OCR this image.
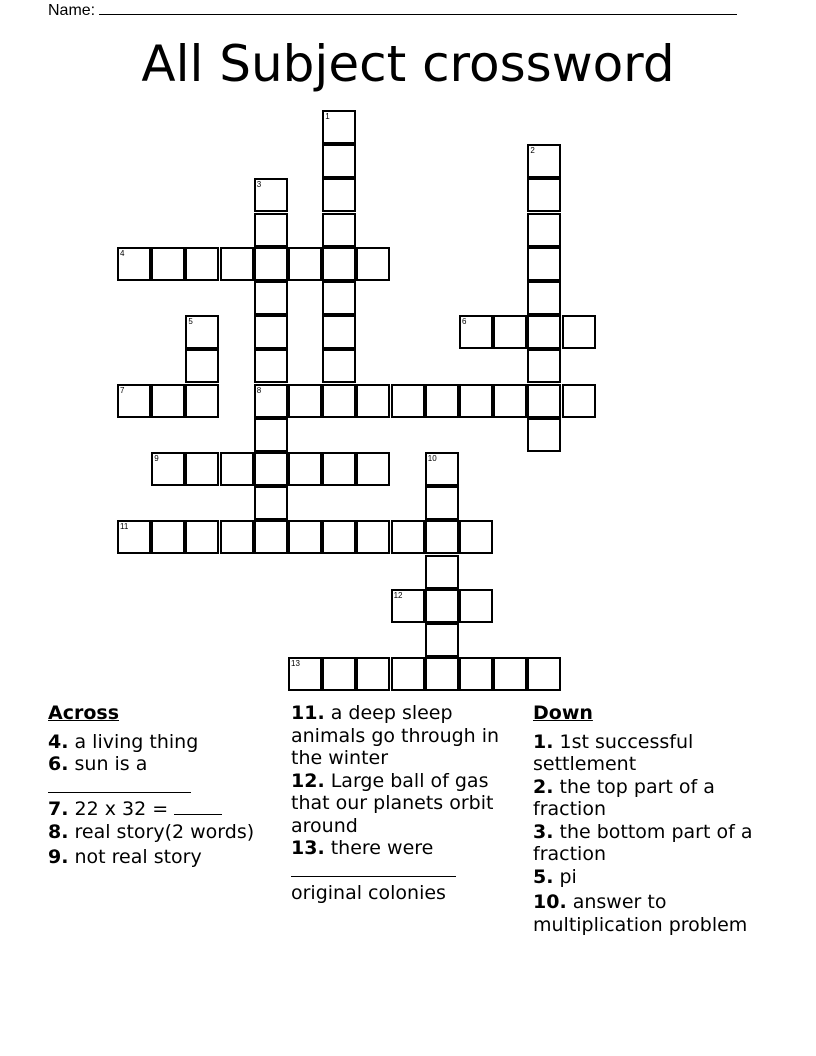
Name:
All Subject crossword
1
2
3
8
4
5	6
7
9	10
11
12
13

Across

4. a living thing

6. sun is a

7. 22 x 32 =

8. real story(2 words)

9. not real story

11. a deep sleep animals go through in the winter

12. Large ball of gas that our planets orbit around

13. there were

original colonies

Down

1. 1st successful settlement

2. the top part of a fraction

3. the bottom part of a fraction

5. pi

10. answer to multiplication problem
